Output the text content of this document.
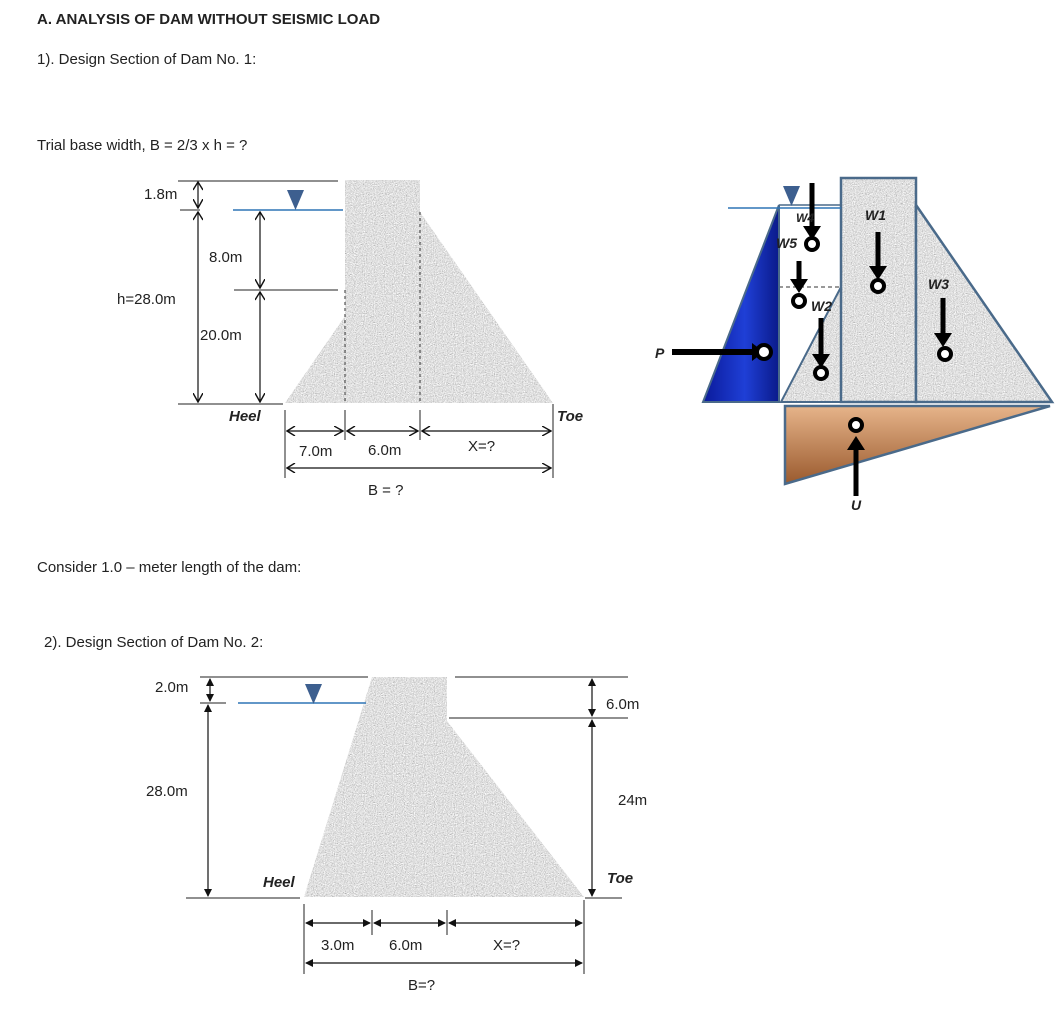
A. ANALYSIS OF DAM WITHOUT SEISMIC LOAD
1). Design Section of Dam No. 1:
Trial base width, B = 2/3 x h = ?
Consider 1.0 – meter length of the dam:
2). Design Section of Dam No. 2:
1.8m
8.0m
h=28.0m
20.0m
Heel	Toe
7.0m 6.0m	X=?
B = ?
P
W4
W5
W2
W1
W3
U
2.0m
28.0m
6.0m
24m
Heel	Toe
3.0m 6.0m	X=?
B=?
